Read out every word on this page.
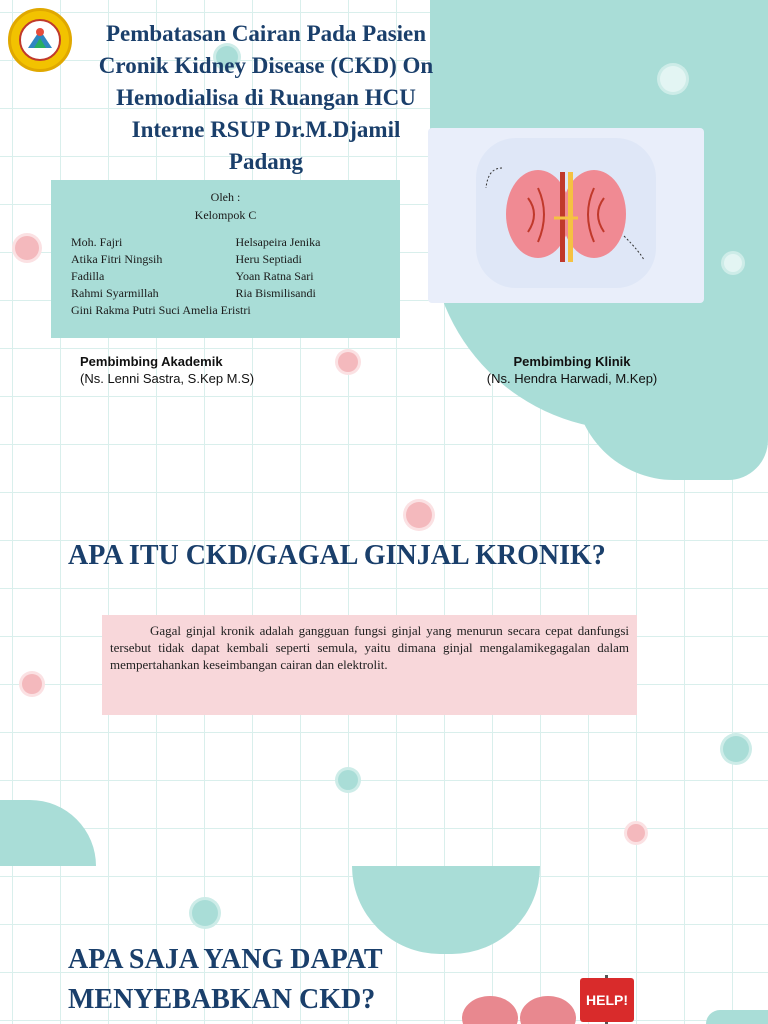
Pembatasan Cairan Pada Pasien
Cronik Kidney Disease (CKD) On
Hemodialisa di Ruangan HCU
Interne RSUP Dr.M.Djamil
Padang
Oleh :
Kelompok C
Moh. Fajri
Atika Fitri Ningsih
Fadilla
Rahmi Syarmillah
Helsapeira Jenika
Heru Septiadi
Yoan Ratna Sari
Ria Bismilisandi
Gini Rakma Putri Suci Amelia Eristri
Pembimbing Akademik
(Ns. Lenni Sastra, S.Kep M.S)
Pembimbing Klinik
(Ns. Hendra Harwadi, M.Kep)
APA ITU CKD/GAGAL GINJAL KRONIK?
Gagal ginjal kronik adalah gangguan fungsi ginjal yang menurun secara cepat danfungsi tersebut tidak dapat kembali seperti semula, yaitu dimana ginjal mengalamikegagalan dalam mempertahankan keseimbangan cairan dan elektrolit.
APA SAJA YANG DAPAT
MENYEBABKAN CKD?	HELP!
